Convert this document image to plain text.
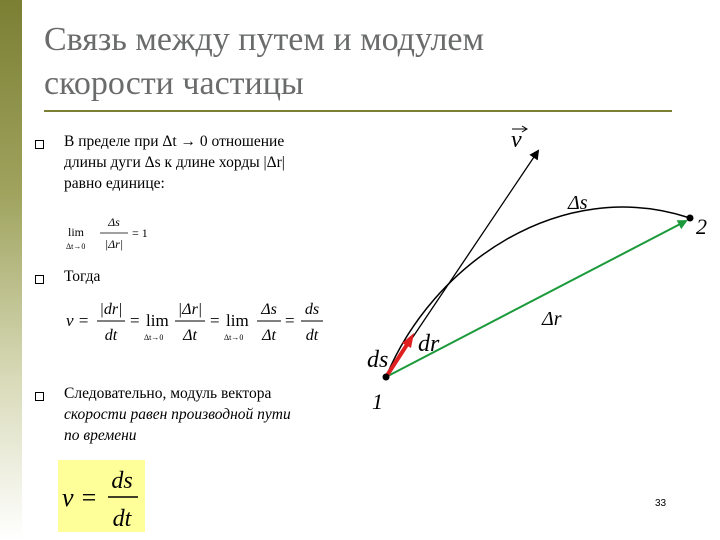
Связь между путем и модулем
скорости частицы
В пределе при Δt → 0 отношение
длины дуги Δs к длине хорды |Δr|
равно единице:
lim
Δt→0
Δs
|Δr|
= 1
Тогда
v =
|dr|
dt
= lim
Δt→0
|Δr|
Δt
= lim
Δt→0
Δs
Δt
=
ds
dt
Следовательно, модуль вектора
скорости равен производной пути
по времени
v =
ds
dt
v
Δs
2
Δr
dr
ds
1
33
